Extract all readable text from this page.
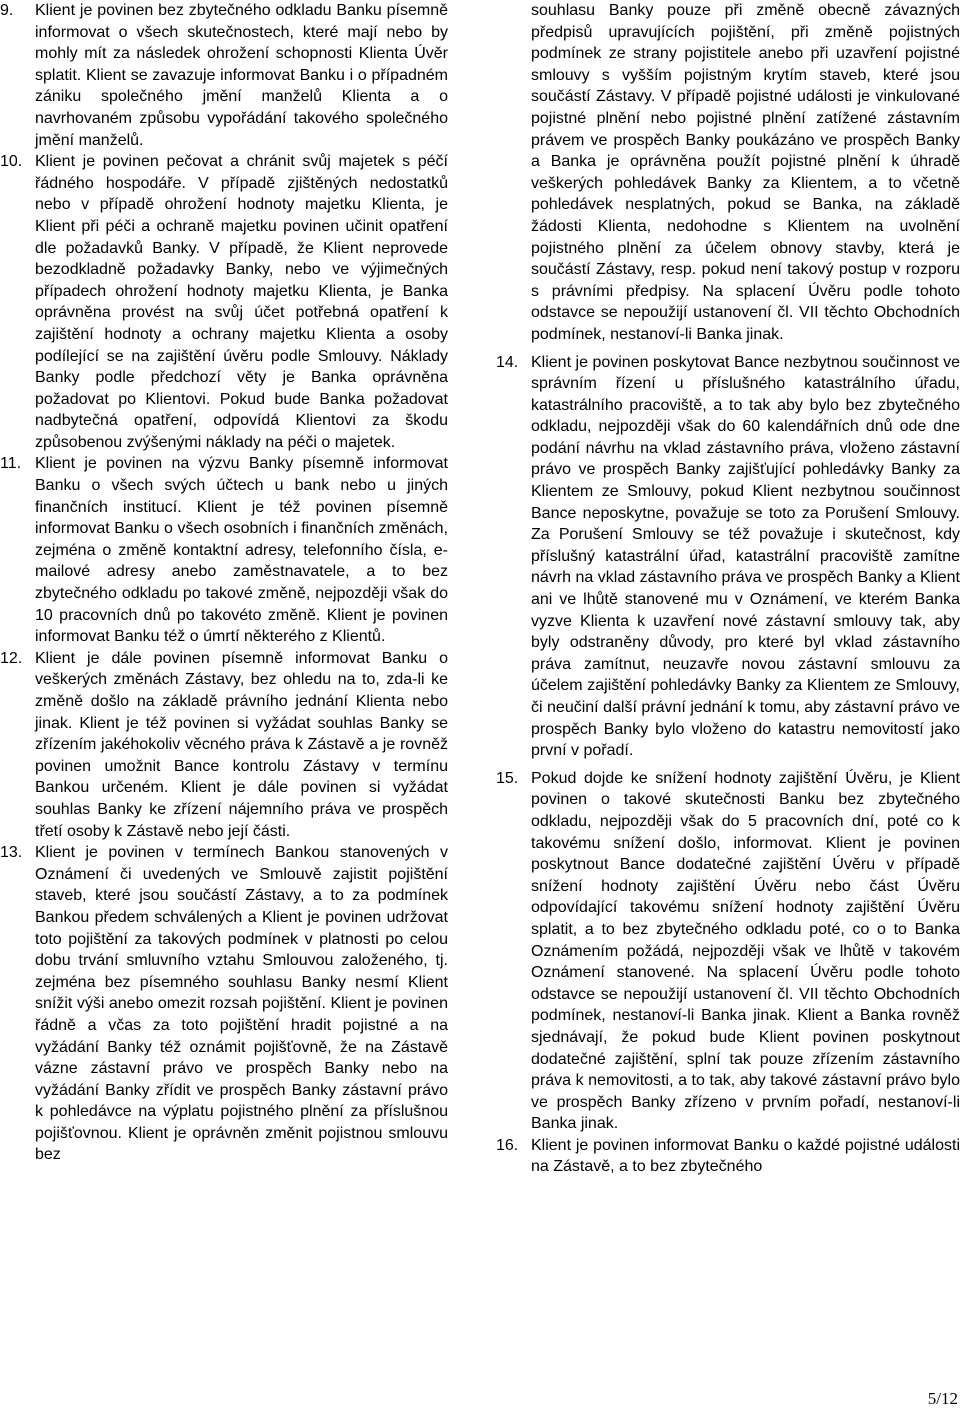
9. Klient je povinen bez zbytečného odkladu Banku písemně informovat o všech skutečnostech, které mají nebo by mohly mít za následek ohrožení schopnosti Klienta Úvěr splatit. Klient se zavazuje informovat Banku i o případném zániku společného jmění manželů Klienta a o navrhovaném způsobu vypořádání takového společného jmění manželů.
10. Klient je povinen pečovat a chránit svůj majetek s péčí řádného hospodáře. V případě zjištěných nedostatků nebo v případě ohrožení hodnoty majetku Klienta, je Klient při péči a ochraně majetku povinen učinit opatření dle požadavků Banky. V případě, že Klient neprovede bezodkladně požadavky Banky, nebo ve výjimečných případech ohrožení hodnoty majetku Klienta, je Banka oprávněna provést na svůj účet potřebná opatření k zajištění hodnoty a ochrany majetku Klienta a osoby podílející se na zajištění úvěru podle Smlouvy. Náklady Banky podle předchozí věty je Banka oprávněna požadovat po Klientovi. Pokud bude Banka požadovat nadbytečná opatření, odpovídá Klientovi za škodu způsobenou zvýšenými náklady na péči o majetek.
11. Klient je povinen na výzvu Banky písemně informovat Banku o všech svých účtech u bank nebo u jiných finančních institucí. Klient je též povinen písemně informovat Banku o všech osobních i finančních změnách, zejména o změně kontaktní adresy, telefonního čísla, e-mailové adresy anebo zaměstnavatele, a to bez zbytečného odkladu po takové změně, nejpozději však do 10 pracovních dnů po takovéto změně. Klient je povinen informovat Banku též o úmrtí některého z Klientů.
12. Klient je dále povinen písemně informovat Banku o veškerých změnách Zástavy, bez ohledu na to, zda-li ke změně došlo na základě právního jednání Klienta nebo jinak. Klient je též povinen si vyžádat souhlas Banky se zřízením jakéhokoliv věcného práva k Zástavě a je rovněž povinen umožnit Bance kontrolu Zástavy v termínu Bankou určeném. Klient je dále povinen si vyžádat souhlas Banky ke zřízení nájemního práva ve prospěch třetí osoby k Zástavě nebo její části.
13. Klient je povinen v termínech Bankou stanovených v Oznámení či uvedených ve Smlouvě zajistit pojištění staveb, které jsou součástí Zástavy, a to za podmínek Bankou předem schválených a Klient je povinen udržovat toto pojištění za takových podmínek v platnosti po celou dobu trvání smluvního vztahu Smlouvou založeného, tj. zejména bez písemného souhlasu Banky nesmí Klient snížit výši anebo omezit rozsah pojištění. Klient je povinen řádně a včas za toto pojištění hradit pojistné a na vyžádání Banky též oznámit pojišťovně, že na Zástavě vázne zástavní právo ve prospěch Banky nebo na vyžádání Banky zřídit ve prospěch Banky zástavní právo k pohledávce na výplatu pojistného plnění za příslušnou pojišťovnou. Klient je oprávněn změnit pojistnou smlouvu bez
souhlasu Banky pouze při změně obecně závazných předpisů upravujících pojištění, při změně pojistných podmínek ze strany pojistitele anebo při uzavření pojistné smlouvy s vyšším pojistným krytím staveb, které jsou součástí Zástavy. V případě pojistné události je vinkulované pojistné plnění nebo pojistné plnění zatížené zástavním právem ve prospěch Banky poukázáno ve prospěch Banky a Banka je oprávněna použít pojistné plnění k úhradě veškerých pohledávek Banky za Klientem, a to včetně pohledávek nesplatných, pokud se Banka, na základě žádosti Klienta, nedohodne s Klientem na uvolnění pojistného plnění za účelem obnovy stavby, která je součástí Zástavy, resp. pokud není takový postup v rozporu s právními předpisy. Na splacení Úvěru podle tohoto odstavce se nepoužijí ustanovení čl. VII těchto Obchodních podmínek, nestanoví-li Banka jinak.
14. Klient je povinen poskytovat Bance nezbytnou součinnost ve správním řízení u příslušného katastrálního úřadu, katastrálního pracoviště, a to tak aby bylo bez zbytečného odkladu, nejpozději však do 60 kalendářních dnů ode dne podání návrhu na vklad zástavního práva, vloženo zástavní právo ve prospěch Banky zajišťující pohledávky Banky za Klientem ze Smlouvy, pokud Klient nezbytnou součinnost Bance neposkytne, považuje se toto za Porušení Smlouvy. Za Porušení Smlouvy se též považuje i skutečnost, kdy příslušný katastrální úřad, katastrální pracoviště zamítne návrh na vklad zástavního práva ve prospěch Banky a Klient ani ve lhůtě stanovené mu v Oznámení, ve kterém Banka vyzve Klienta k uzavření nové zástavní smlouvy tak, aby byly odstraněny důvody, pro které byl vklad zástavního práva zamítnut, neuzavře novou zástavní smlouvu za účelem zajištění pohledávky Banky za Klientem ze Smlouvy, či neučiní další právní jednání k tomu, aby zástavní právo ve prospěch Banky bylo vloženo do katastru nemovitostí jako první v pořadí.
15. Pokud dojde ke snížení hodnoty zajištění Úvěru, je Klient povinen o takové skutečnosti Banku bez zbytečného odkladu, nejpozději však do 5 pracovních dní, poté co k takovému snížení došlo, informovat. Klient je povinen poskytnout Bance dodatečné zajištění Úvěru v případě snížení hodnoty zajištění Úvěru nebo část Úvěru odpovídající takovému snížení hodnoty zajištění Úvěru splatit, a to bez zbytečného odkladu poté, co o to Banka Oznámením požádá, nejpozději však ve lhůtě v takovém Oznámení stanovené. Na splacení Úvěru podle tohoto odstavce se nepoužijí ustanovení čl. VII těchto Obchodních podmínek, nestanoví-li Banka jinak. Klient a Banka rovněž sjednávají, že pokud bude Klient povinen poskytnout dodatečné zajištění, splní tak pouze zřízením zástavního práva k nemovitosti, a to tak, aby takové zástavní právo bylo ve prospěch Banky zřízeno v prvním pořadí, nestanoví-li Banka jinak.
16. Klient je povinen informovat Banku o každé pojistné události na Zástavě, a to bez zbytečného
5/12
